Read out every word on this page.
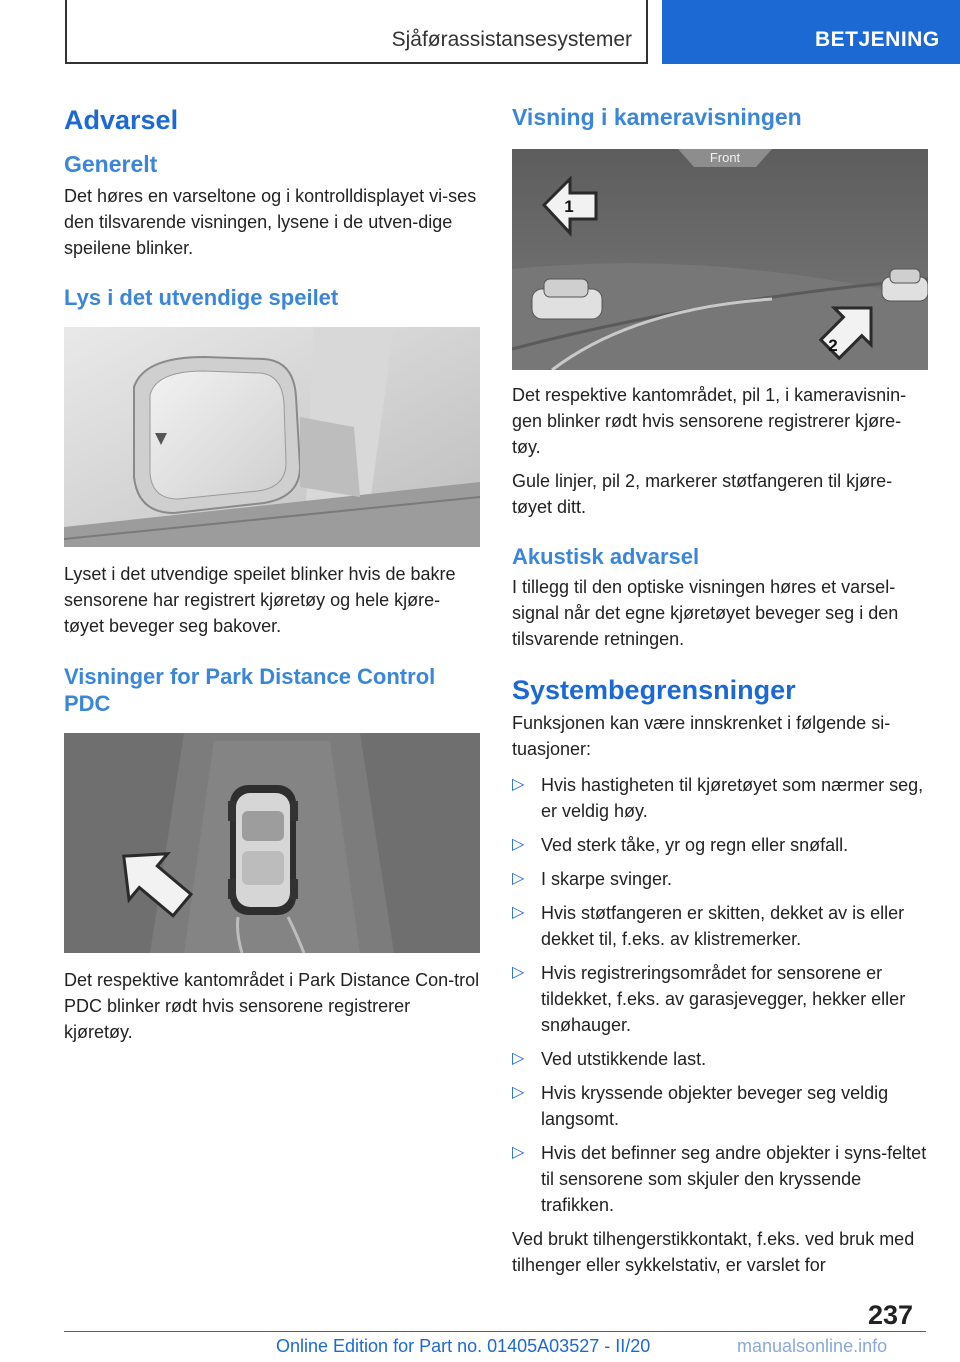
Sjåførassistansesystemer	BETJENING
Advarsel
Generelt

Det høres en varseltone og i kontrolldisplayet vi-ses den tilsvarende visningen, lysene i de utven-dige speilene blinker.

Lys i det utvendige speilet

Lyset i det utvendige speilet blinker hvis de bakre sensorene har registrert kjøretøy og hele kjøre-tøyet beveger seg bakover.

Visninger for Park Distance Control PDC

Det respektive kantområdet i Park Distance Con-trol PDC blinker rødt hvis sensorene registrerer kjøretøy.

Visning i kameravisningen
Front
1
2

Det respektive kantområdet, pil 1, i kameravisnin-gen blinker rødt hvis sensorene registrerer kjøre-tøy.

Gule linjer, pil 2, markerer støtfangeren til kjøre-tøyet ditt.

Akustisk advarsel

I tillegg til den optiske visningen høres et varsel-signal når det egne kjøretøyet beveger seg i den tilsvarende retningen.

Systembegrensninger

Funksjonen kan være innskrenket i følgende si-tuasjoner:

▷ Hvis hastigheten til kjøretøyet som nærmer seg, er veldig høy.
▷ Ved sterk tåke, yr og regn eller snøfall.
▷ I skarpe svinger.
▷ Hvis støtfangeren er skitten, dekket av is eller dekket til, f.eks. av klistremerker.
▷ Hvis registreringsområdet for sensorene er tildekket, f.eks. av garasjevegger, hekker eller snøhauger.
▷ Ved utstikkende last.
▷ Hvis kryssende objekter beveger seg veldig langsomt.
▷ Hvis det befinner seg andre objekter i syns-feltet til sensorene som skjuler den kryssende trafikken.

Ved brukt tilhengerstikkontakt, f.eks. ved bruk med tilhenger eller sykkelstativ, er varslet for

237
Online Edition for Part no. 01405A03527 - II/20	manualsonline.info
